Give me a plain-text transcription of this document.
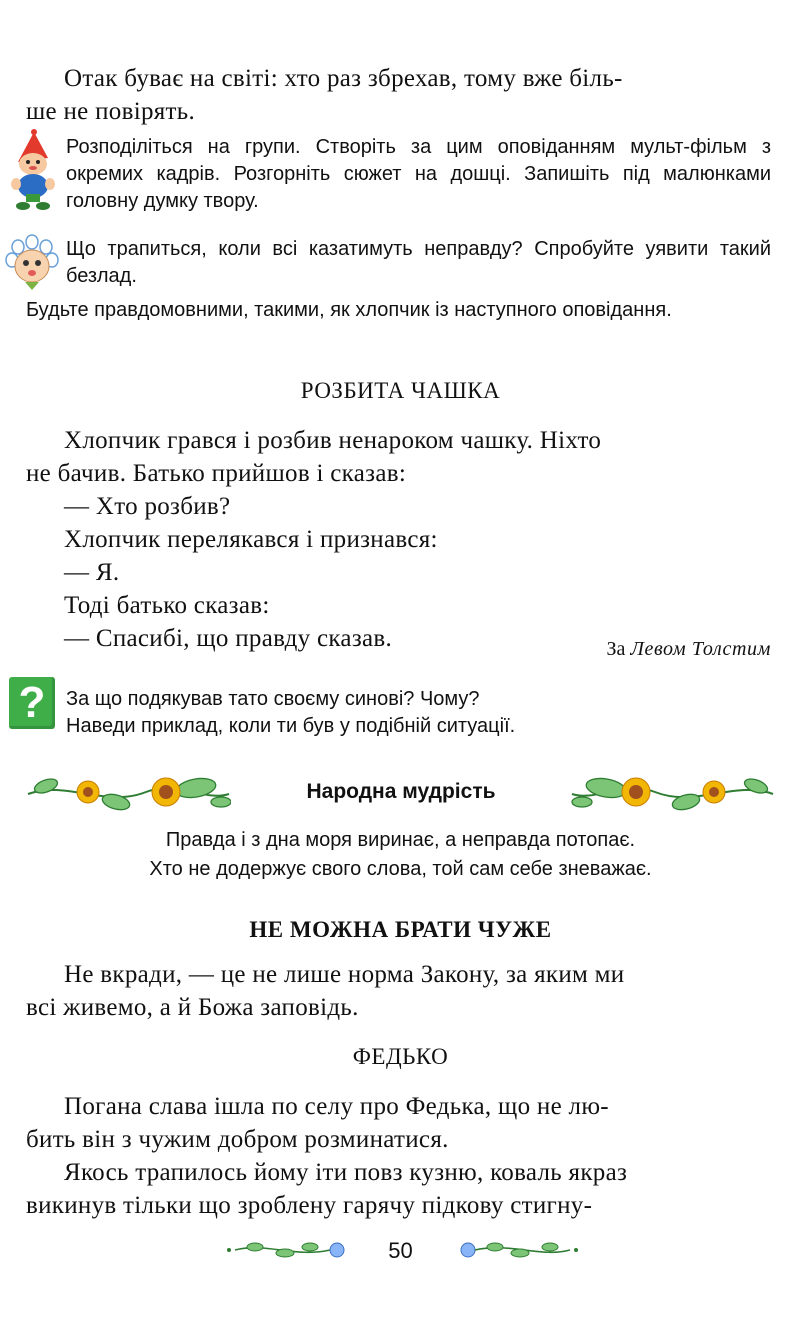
Отак буває на світі: хто раз збрехав, тому вже біль-
ше не повірять.
Розподіліться на групи. Створіть за цим оповіданням мульт-фільм з окремих кадрів. Розгорніть сюжет на дошці. Запишіть під малюнками головну думку твору.
Що трапиться, коли всі казатимуть неправду? Спробуйте уявити такий безлад.
Будьте правдомовними, такими, як хлопчик із наступного оповідання.
РОЗБИТА ЧАШКА
Хлопчик грався і розбив ненароком чашку. Ніхто
не бачив. Батько прийшов і сказав:
— Хто розбив?
Хлопчик перелякався і признався:
— Я.
Тоді батько сказав:
— Спасибі, що правду сказав.	За Левом Толстим
?	За що подякував тато своєму синові? Чому?
Наведи приклад, коли ти був у подібній ситуації.
Народна мудрість
Правда і з дна моря виринає, а неправда потопає.
Хто не додержує свого слова, той сам себе зневажає.
НЕ МОЖНА БРАТИ ЧУЖЕ
Не вкради, — це не лише норма Закону, за яким ми
всі живемо, а й Божа заповідь.
ФЕДЬКО
Погана слава ішла по селу про Федька, що не лю-
бить він з чужим добром розминатися.
Якось трапилось йому іти повз кузню, коваль якраз
викинув тільки що зроблену гарячу підкову стигну-
50
